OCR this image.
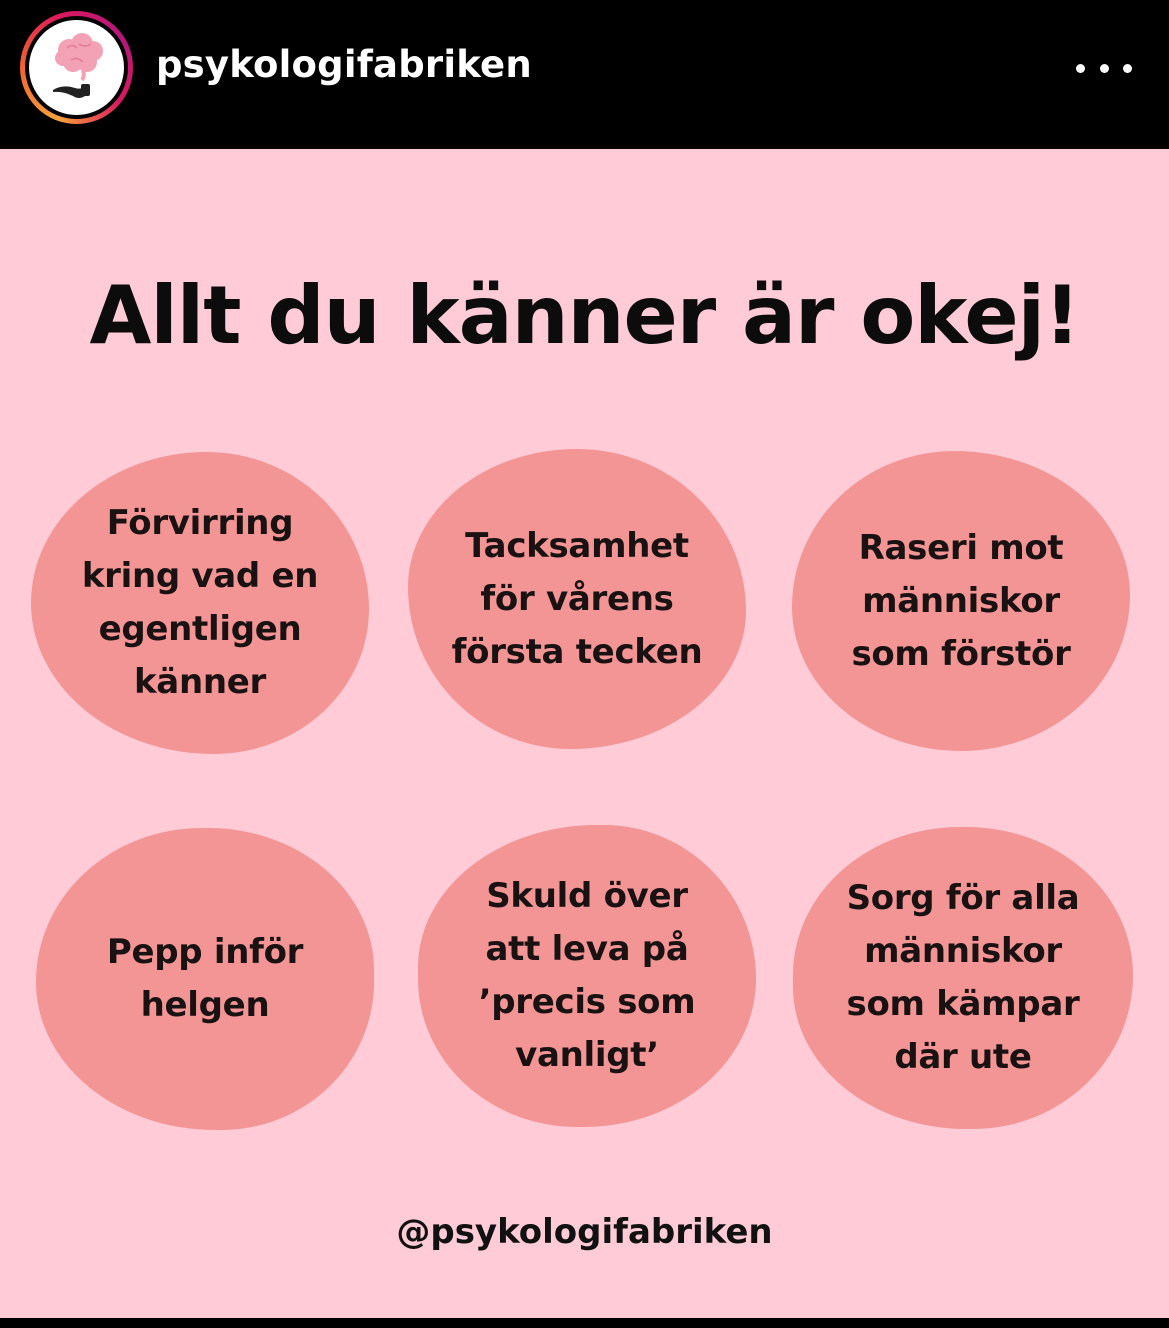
psykologifabriken
Allt du känner är okej!
Förvirring
kring vad en
egentligen
känner
Tacksamhet
för vårens
första tecken
Raseri mot
människor
som förstör
Pepp inför
helgen
Skuld över
att leva på
’precis som
vanligt’
Sorg för alla
människor
som kämpar
där ute
@psykologifabriken
